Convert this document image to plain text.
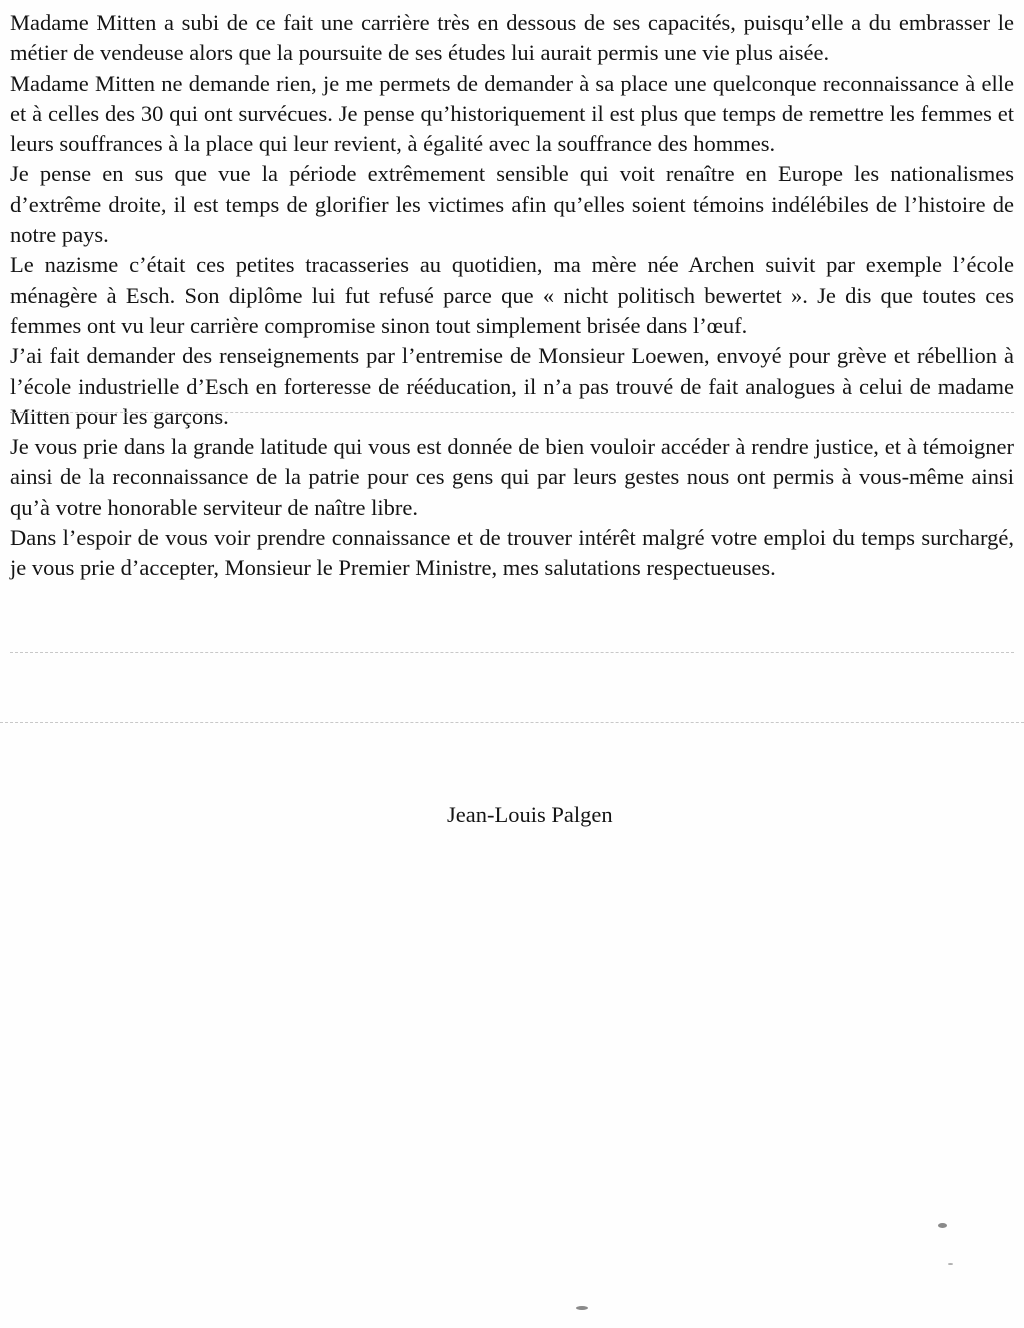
Madame Mitten a subi de ce fait une carrière très en dessous de ses capacités, puisqu’elle a du embrasser le métier de vendeuse alors que la poursuite de ses études lui aurait permis une vie plus aisée.

Madame Mitten ne demande rien, je me permets de demander à sa place une quelconque reconnaissance à elle et à celles des 30 qui ont survécues. Je pense qu’historiquement il est plus que temps de remettre les femmes et leurs souffrances à la place qui leur revient, à égalité avec la souffrance des hommes.

Je pense en sus que vue la période extrêmement sensible qui voit renaître en Europe les nationalismes d’extrême droite, il est temps de glorifier les victimes afin qu’elles soient témoins indélébiles de l’histoire de notre pays.

Le nazisme c’était ces petites tracasseries au quotidien, ma mère née Archen suivit par exemple l’école ménagère à Esch. Son diplôme lui fut refusé parce que « nicht politisch bewertet ». Je dis que toutes ces femmes ont vu leur carrière compromise sinon tout simplement brisée dans l’œuf.

J’ai fait demander des renseignements par l’entremise de Monsieur Loewen, envoyé pour grève et rébellion à l’école industrielle d’Esch en forteresse de rééducation, il n’a pas trouvé de fait analogues à celui de madame Mitten pour les garçons.

Je vous prie dans la grande latitude qui vous est donnée de bien vouloir accéder à rendre justice, et à témoigner ainsi de la reconnaissance de la patrie pour ces gens qui par leurs gestes nous ont permis à vous-même ainsi qu’à votre honorable serviteur de naître libre.

Dans l’espoir de vous voir prendre connaissance et de trouver intérêt malgré votre emploi du temps surchargé, je vous prie d’accepter, Monsieur le Premier Ministre, mes salutations respectueuses.

Jean-Louis Palgen
